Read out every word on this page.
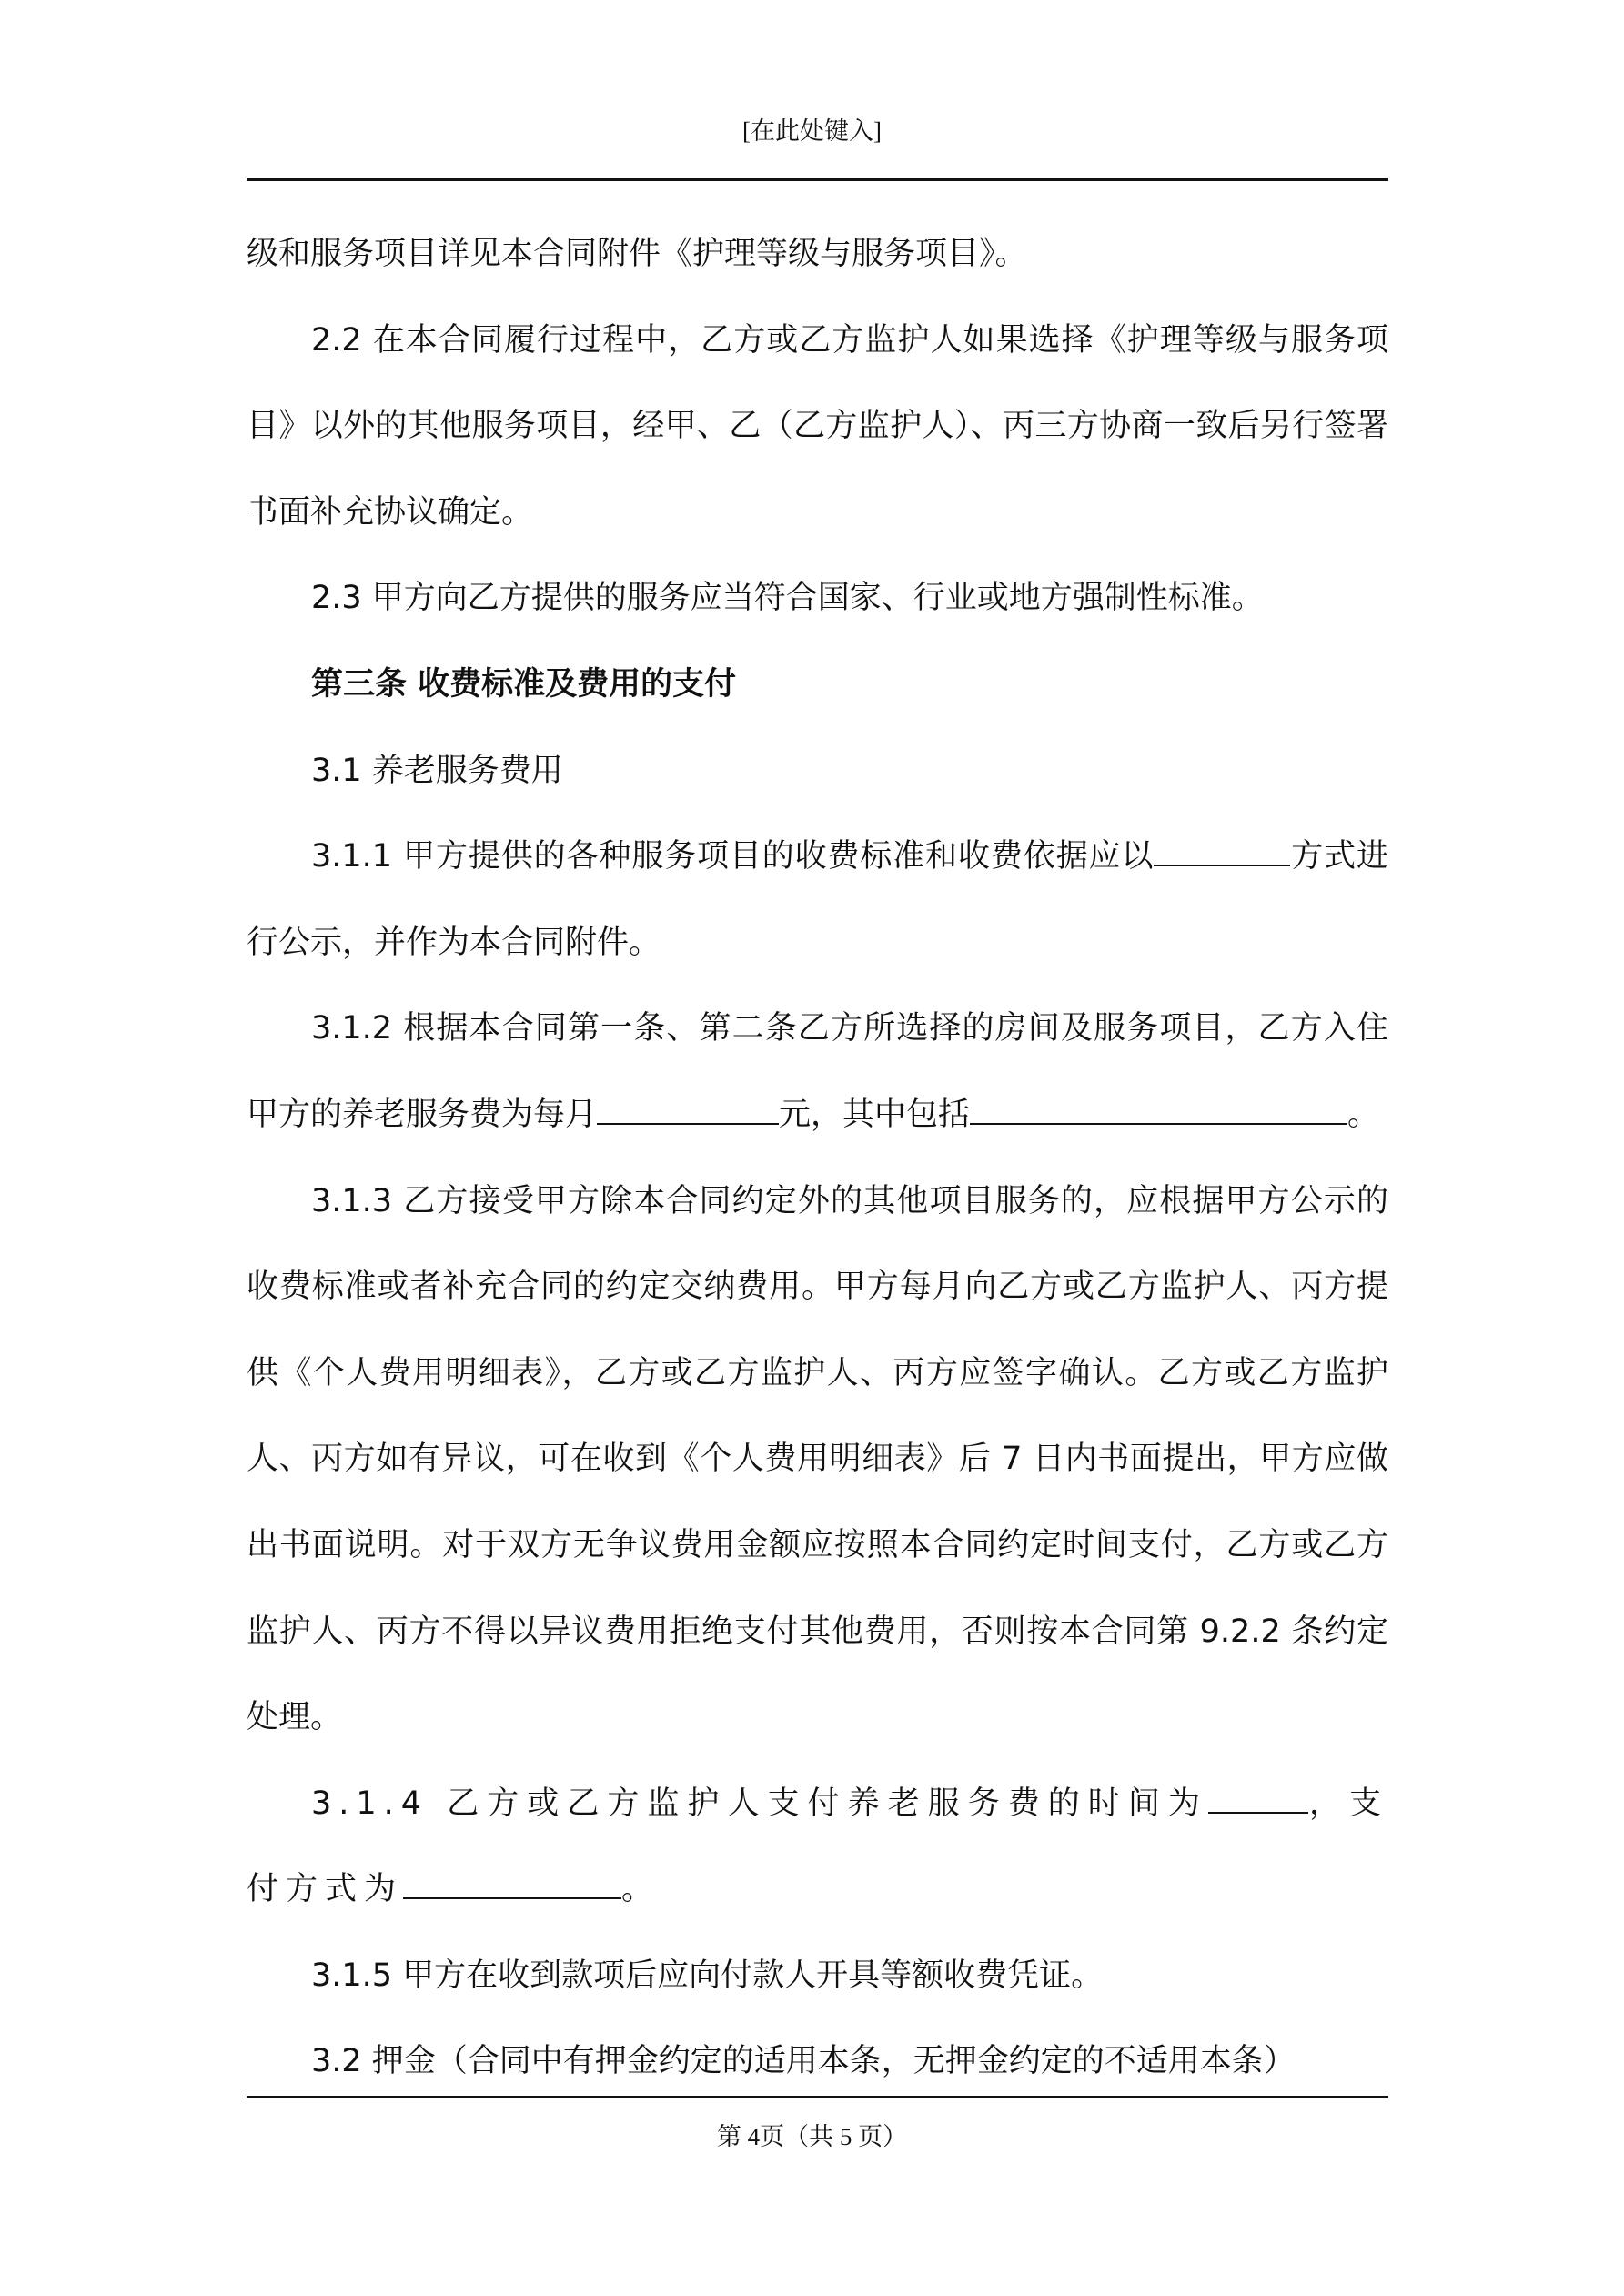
[在此处键入]

级和服务项目详见本合同附件《护理等级与服务项目》。

2.2 在本合同履行过程中，乙方或乙方监护人如果选择《护理等级与服务项目》以外的其他服务项目，经甲、乙（乙方监护人）、丙三方协商一致后另行签署书面补充协议确定。

2.3 甲方向乙方提供的服务应当符合国家、行业或地方强制性标准。

第三条 收费标准及费用的支付

3.1 养老服务费用

3.1.1 甲方提供的各种服务项目的收费标准和收费依据应以	方式进行公示，并作为本合同附件。

3.1.2 根据本合同第一条、第二条乙方所选择的房间及服务项目，乙方入住甲方的养老服务费为每月	元，其中包括	。

3.1.3 乙方接受甲方除本合同约定外的其他项目服务的，应根据甲方公示的收费标准或者补充合同的约定交纳费用。甲方每月向乙方或乙方监护人、丙方提供《个人费用明细表》，乙方或乙方监护人、丙方应签字确认。乙方或乙方监护人、丙方如有异议，可在收到《个人费用明细表》后 7 日内书面提出，甲方应做出书面说明。对于双方无争议费用金额应按照本合同约定时间支付，乙方或乙方监护人、丙方不得以异议费用拒绝支付其他费用，否则按本合同第 9.2.2 条约定处理。

3.1.4 乙方或乙方监护人支付养老服务费的时间为	，支付方式为	。

3.1.5 甲方在收到款项后应向付款人开具等额收费凭证。

3.2 押金（合同中有押金约定的适用本条，无押金约定的不适用本条）

第 4页（共 5 页）
